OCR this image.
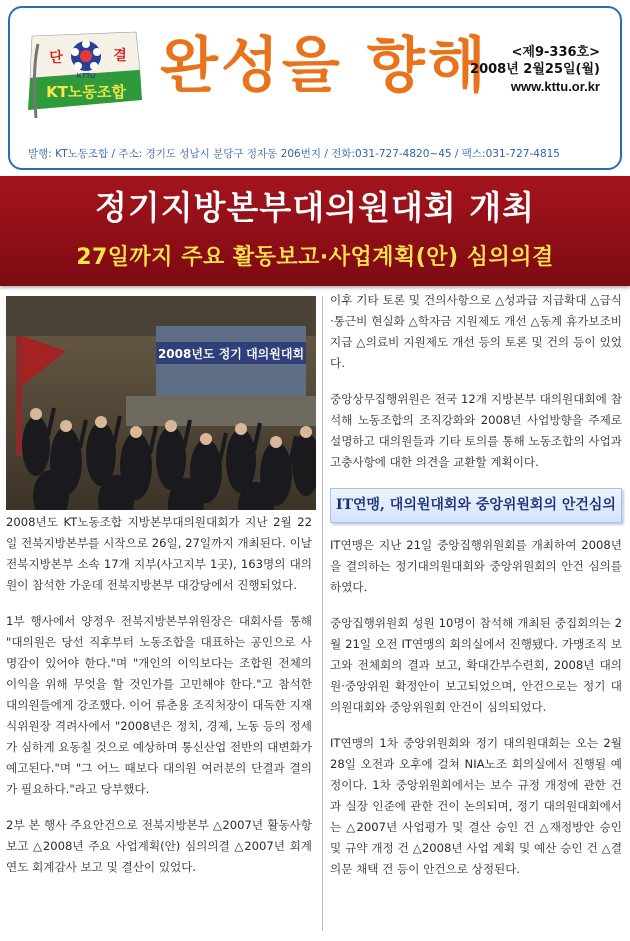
KTTU
단	결
KT노동조합 완성을 향해	<제9-336호>
2008년 2월25일(월)
www.kttu.or.kr
발행: KT노동조합 / 주소: 경기도 성남시 분당구 정자동 206번지 / 전화:031-727-4820~45 / 팩스:031-727-4815
정기지방본부대의원대회 개최
27일까지 주요 활동보고·사업계획(안) 심의의결
2008년도 정기 대의원대회

2008년도 KT노동조합 지방본부대의원대회가 지난 2월 22일 전북지방본부를 시작으로 26일, 27일까지 개최된다. 이날 전북지방본부 소속 17개 지부(사고지부 1곳), 163명의 대의원이 참석한 가운데 전북지방본부 대강당에서 진행되었다.

1부 행사에서 양정우 전북지방본부위원장은 대회사를 통해 "대의원은 당선 직후부터 노동조합을 대표하는 공인으로 사명감이 있어야 한다."며 "개인의 이익보다는 조합원 전체의 이익을 위해 무엇을 할 것인가를 고민해야 한다."고 참석한 대의원들에게 강조했다. 이어 류춘용 조직처장이 대독한 지재식위원장 격려사에서 "2008년은 정치, 경제, 노동 등의 정세가 심하게 요동칠 것으로 예상하며 통신산업 전반의 대변화가 예고된다."며 "그 어느 때보다 대의원 여러분의 단결과 결의가 필요하다."라고 당부했다.

2부 본 행사 주요안건으로 전북지방본부 △2007년 활동사항 보고 △2008년 주요 사업계획(안) 심의의결 △2007년 회계연도 회계감사 보고 및 결산이 있었다.

이후 기타 토론 및 건의사항으로 △성과급 지급확대 △급식·통근비 현실화 △학자금 지원제도 개선 △동계 휴가보조비 지급 △의료비 지원제도 개선 등의 토론 및 건의 등이 있었다.

중앙상무집행위원은 전국 12개 지방본부 대의원대회에 참석해 노동조합의 조직강화와 2008년 사업방향을 주제로 설명하고 대의원들과 기타 토의를 통해 노동조합의 사업과 고충사항에 대한 의견을 교환할 계획이다.

IT연맹, 대의원대회와 중앙위원회의 안건심의

IT연맹은 지난 21일 중앙집행위원회를 개최하여 2008년을 결의하는 정기대의원대회와 중앙위원회의 안건 심의를 하였다.

중앙집행위원회 성원 10명이 참석해 개최된 중집회의는 2월 21일 오전 IT연맹의 회의실에서 진행됐다. 가맹조직 보고와 전체회의 결과 보고, 확대간부수련회, 2008년 대의원·중앙위원 확정안이 보고되었으며, 안건으로는 정기 대의원대회와 중앙위원회 안건이 심의되었다.

IT연맹의 1차 중앙위원회와 정기 대의원대회는 오는 2월 28일 오전과 오후에 걸쳐 NIA노조 회의실에서 진행될 예정이다. 1차 중앙위원회에서는 보수 규정 개정에 관한 건과 실장 인준에 관한 건이 논의되며, 정기 대의원대회에서는 △2007년 사업평가 및 결산 승인 건 △재정방안 승인 및 규약 개정 건 △2008년 사업 계획 및 예산 승인 건 △결의문 채택 건 등이 안건으로 상정된다.
